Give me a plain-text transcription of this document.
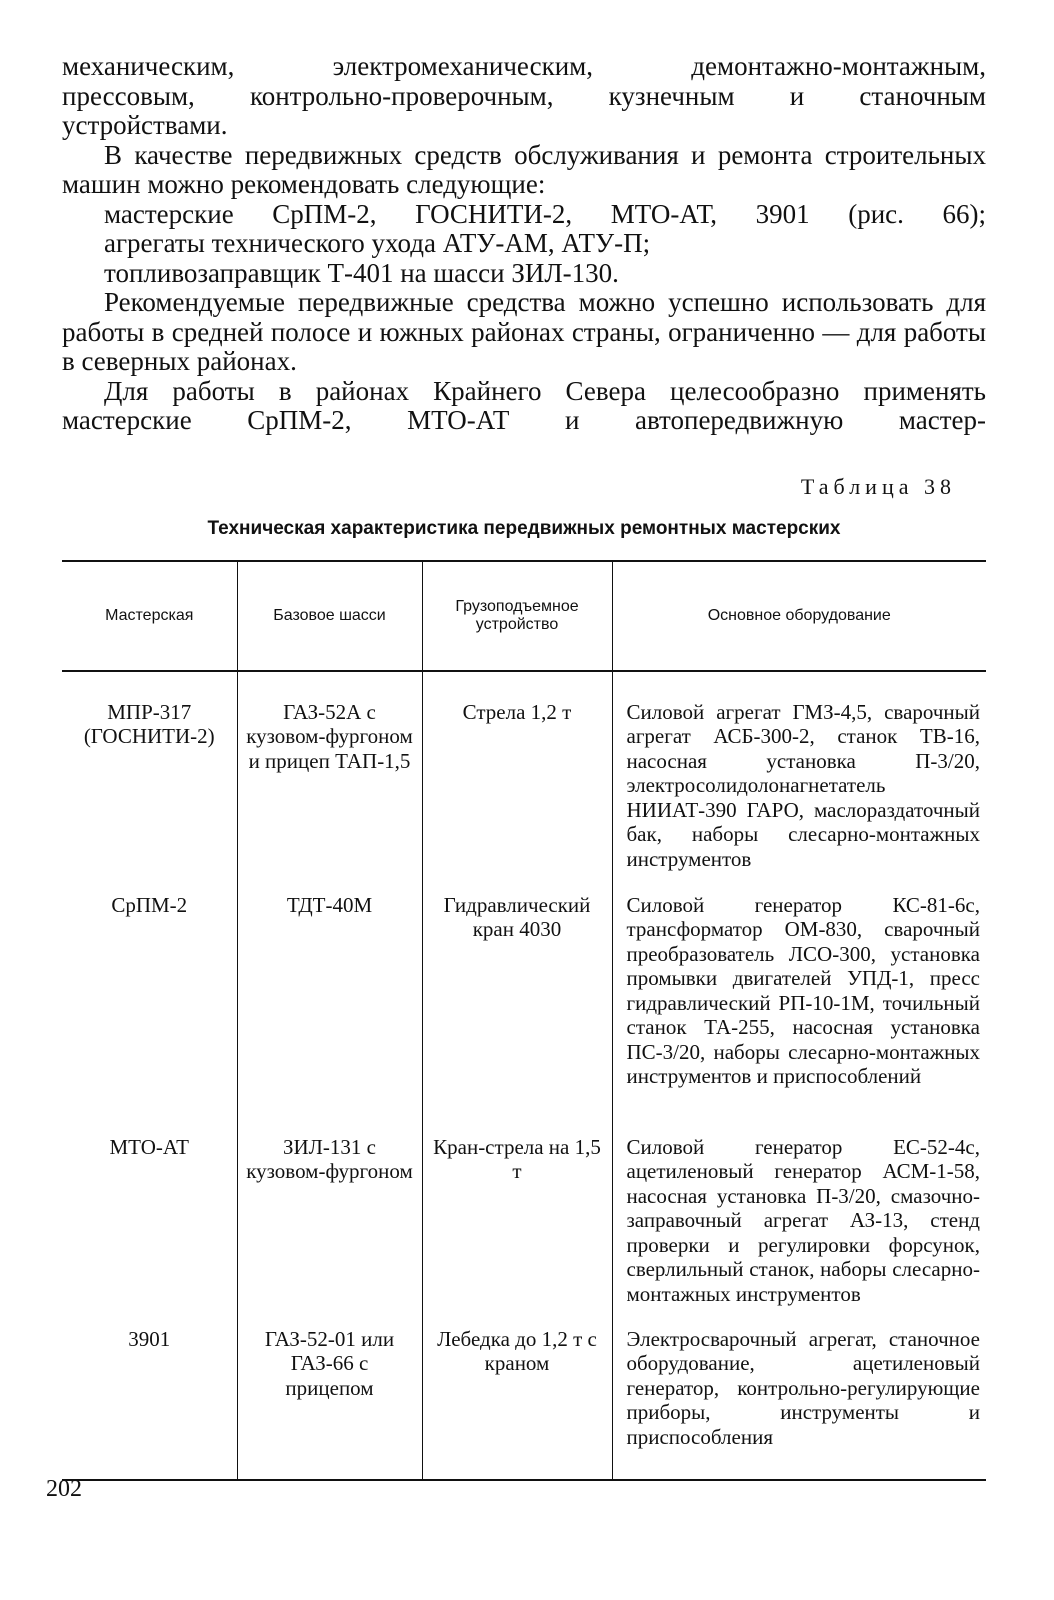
механическим, электромеханическим, демонтажно-монтажным,

прессовым, контрольно-проверочным, кузнечным и станочным

устройствами.

В качестве передвижных средств обслуживания и ремонта строительных машин можно рекомендовать следующие:

мастерские СрПМ-2, ГОСНИТИ-2, МТО-АТ, 3901 (рис. 66);

агрегаты технического ухода АТУ-АМ, АТУ-П;

топливозаправщик Т-401 на шасси ЗИЛ-130.

Рекомендуемые передвижные средства можно успешно использовать для работы в средней полосе и южных районах страны, ограниченно — для работы в северных районах.

Для работы в районах Крайнего Севера целесообразно применять мастерские СрПМ-2, МТО-АТ и автопередвижную мастер-

Таблица 38
Техническая характеристика передвижных ремонтных мастерских
Мастерская	Базовое шасси	Грузоподъемное устройство	Основное оборудование
МПР-317 (ГОСНИТИ-2)	ГАЗ-52А с кузовом-фургоном и прицеп ТАП-1,5	Стрела 1,2 т	Силовой агрегат ГМЗ-4,5, сварочный агрегат АСБ-300-2, станок ТВ-16, насосная установка П-3/20, электросолидолонагнетатель НИИАТ-390 ГАРО, маслораздаточный бак, наборы слесарно-монтажных инструментов
СрПМ-2	ТДТ-40М	Гидравлический кран 4030	Силовой генератор КС-81-6с, трансформатор ОМ-830, сварочный преобразователь ЛСО-300, установка промывки двигателей УПД-1, пресс гидравлический РП-10-1М, точильный станок ТА-255, насосная установка ПС-3/20, наборы слесарно-монтажных инструментов и приспособлений
МТО-АТ	ЗИЛ-131 с кузовом-фургоном	Кран-стрела на 1,5 т	Силовой генератор ЕС-52-4с, ацетиленовый генератор АСМ-1-58, насосная установка П-3/20, смазочно-заправочный агрегат АЗ-13, стенд проверки и регулировки форсунок, сверлильный станок, наборы слесарно-монтажных инструментов
3901	ГАЗ-52-01 или ГАЗ-66 с прицепом	Лебедка до 1,2 т с краном	Электросварочный агрегат, станочное оборудование, ацетиленовый генератор, контрольно-регулирующие приборы, инструменты и приспособления
202
